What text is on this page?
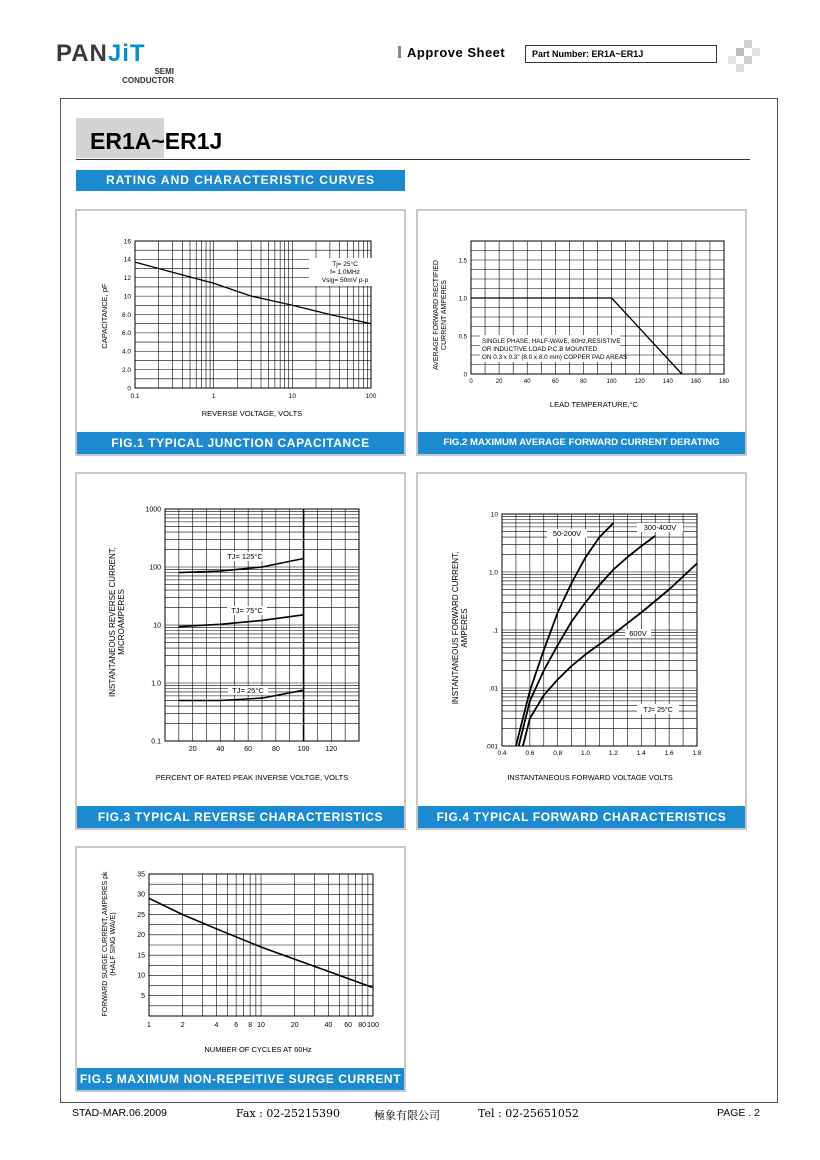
PANJiT
SEMI
CONDUCTOR
Approve Sheet	Part Number: ER1A~ER1J
ER1A~ER1J
RATING AND CHARACTERISTIC CURVES
0.1	1	10	100
0
2.0
4.0
6.0
8.0
10
12
14
16
REVERSE VOLTAGE, VOLTS
CAPACITANCE, pF
Tj= 25°C
f= 1.0MHz
Vsig= 50mV p-p
FIG.1 TYPICAL JUNCTION CAPACITANCE
0	20	40	60	80	100	120	140	160	180
0
0.5
1.0
1.5
LEAD TEMPERATURE,°C
AVERAGE FORWARD RECTIFIED CURRENT AMPERES	SINGLE PHASE, HALF-WAVE, 60Hz,RESISTIVE
OR INDUCTIVE LOAD P.C.B MOUNTED
ON 0.3 x 0.3" (8.0 x 8.0 mm) COPPER PAD AREAS
FIG.2 MAXIMUM AVERAGE FORWARD CURRENT DERATING
TJ= 125°C
TJ= 75°C
TJ= 25°C
20	40	60	80	100 120
0.1
1.0
10
100
1000
PERCENT OF RATED PEAK INVERSE VOLTGE, VOLTS
INSTANTANEOUS REVERSE CURRENT, MICROAMPERES
FIG.3 TYPICAL REVERSE CHARACTERISTICS
50-200V
300-400V
600V
0.4	0.6	0.8	1.0	1.2	1.4	1.6	1.8
.001
.01
.1
1.0
10
INSTANTANEOUS FORWARD VOLTAGE VOLTS
INSTANTANEOUS FORWARD CURRENT, AMPERES
TJ= 25°C
FIG.4 TYPICAL FORWARD CHARACTERISTICS
1	2	4 6 8 10	20	40 60 80 100
5
10
15
20
25
30
35
NUMBER OF CYCLES AT 60Hz
FORWARD SURGE CURRENT, AMPERES pk (HALF SING WAVE)
FIG.5 MAXIMUM NON-REPEITIVE SURGE CURRENT
STAD-MAR.06.2009	Fax : 02-25215390	極象有限公司	Tel : 02-25651052	PAGE . 2
